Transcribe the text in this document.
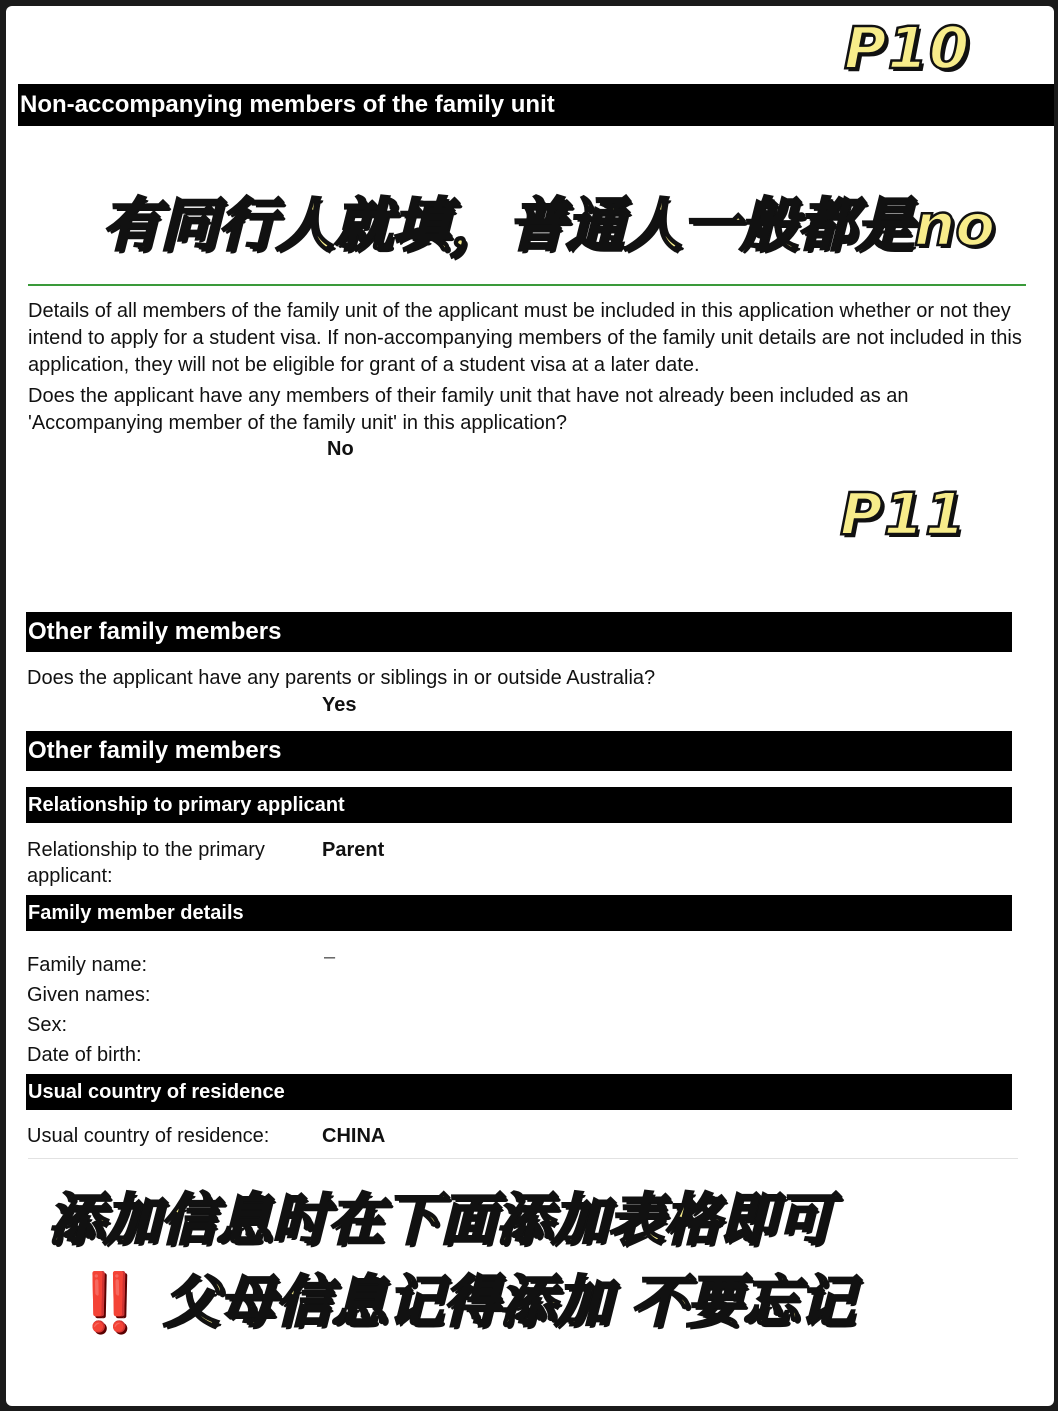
P10
Non-accompanying members of the family unit
有同行人就填，普通人一般都是no
Details of all members of the family unit of the applicant must be included in this application whether or not they intend to apply for a student visa. If non-accompanying members of the family unit details are not included in this application, they will not be eligible for grant of a student visa at a later date.
Does the applicant have any members of their family unit that have not already been included as an 'Accompanying member of the family unit' in this application?
No
P11
Other family members
Does the applicant have any parents or siblings in or outside Australia?
Yes
Other family members
Relationship to primary applicant
Relationship to the primary applicant:
Parent
Family member details
Family name:	–
Given names:
Sex:
Date of birth:
Usual country of residence
Usual country of residence:	CHINA
添加信息时在下面添加表格即可
‼️ 父母信息记得添加 不要忘记
